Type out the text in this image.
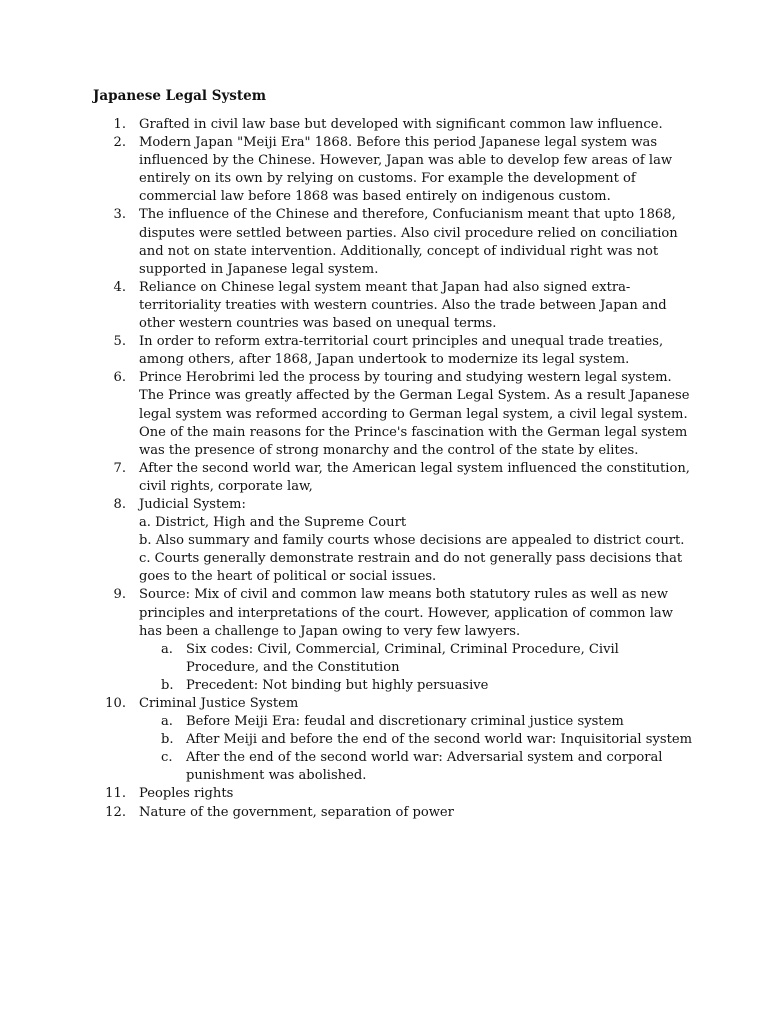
Japanese Legal System
1. Grafted in civil law base but developed with significant common law influence.
2. Modern Japan "Meiji Era" 1868. Before this period Japanese legal system was influenced by the Chinese. However, Japan was able to develop few areas of law entirely on its own by relying on customs. For example the development of commercial law before 1868 was based entirely on indigenous custom.
3. The influence of the Chinese and therefore, Confucianism meant that upto 1868, disputes were settled between parties. Also civil procedure relied on conciliation and not on state intervention. Additionally, concept of individual right was not supported in Japanese legal system.
4. Reliance on Chinese legal system meant that Japan had also signed extra-territoriality treaties with western countries. Also the trade between Japan and other western countries was based on unequal terms.
5. In order to reform extra-territorial court principles and unequal trade treaties, among others, after 1868, Japan undertook to modernize its legal system.
6. Prince Herobrimi led the process by touring and studying western legal system. The Prince was greatly affected by the German Legal System. As a result Japanese legal system was reformed according to German legal system, a civil legal system. One of the main reasons for the Prince's fascination with the German legal system was the presence of strong monarchy and the control of the state by elites.
7. After the second world war, the American legal system influenced the constitution, civil rights, corporate law,
8. Judicial System:
a. District, High and the Supreme Court
b. Also summary and family courts whose decisions are appealed to district court.
c. Courts generally demonstrate restrain and do not generally pass decisions that goes to the heart of political or social issues.
9. Source: Mix of civil and common law means both statutory rules as well as new principles and interpretations of the court. However, application of common law has been a challenge to Japan owing to very few lawyers.
a. Six codes: Civil, Commercial, Criminal, Criminal Procedure, Civil Procedure, and the Constitution
b. Precedent: Not binding but highly persuasive
10. Criminal Justice System
a. Before Meiji Era: feudal and discretionary criminal justice system
b. After Meiji and before the end of the second world war: Inquisitorial system
c. After the end of the second world war: Adversarial system and corporal punishment was abolished.
11. Peoples rights
12. Nature of the government, separation of power
